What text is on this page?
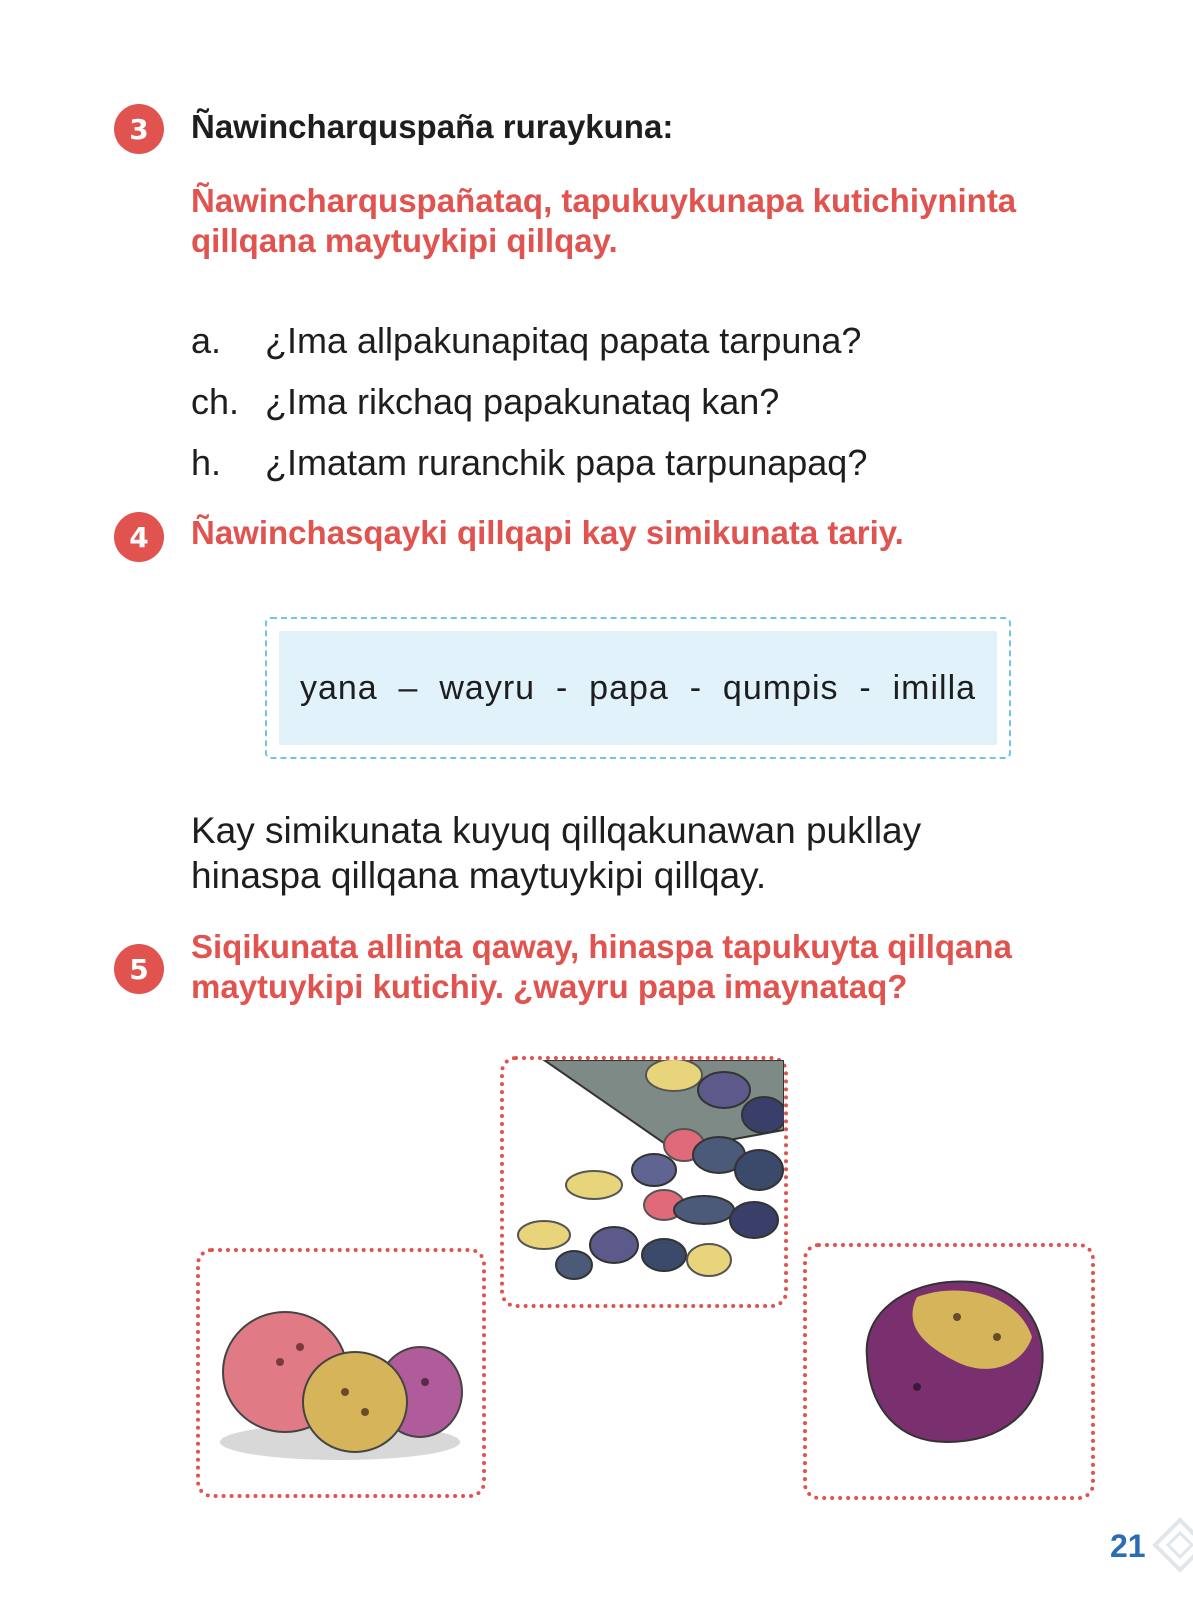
3	Ñawincharquspaña ruraykuna:
Ñawincharquspañataq, tapukuykunapa kutichiyninta
qillqana maytuykipi qillqay.
a.	¿Ima allpakunapitaq papata tarpuna?
ch. ¿Ima rikchaq papakunataq kan?
h.	¿Imatam ruranchik papa tarpunapaq?
4	Ñawinchasqayki qillqapi kay simikunata tariy.
yana  –  wayru  -  papa  -  qumpis  -  imilla
Kay simikunata kuyuq qillqakunawan pukllay
hinaspa qillqana maytuykipi qillqay.
5
Siqikunata allinta qaway, hinaspa tapukuyta qillqana
maytuykipi kutichiy. ¿wayru papa imaynataq?
21
